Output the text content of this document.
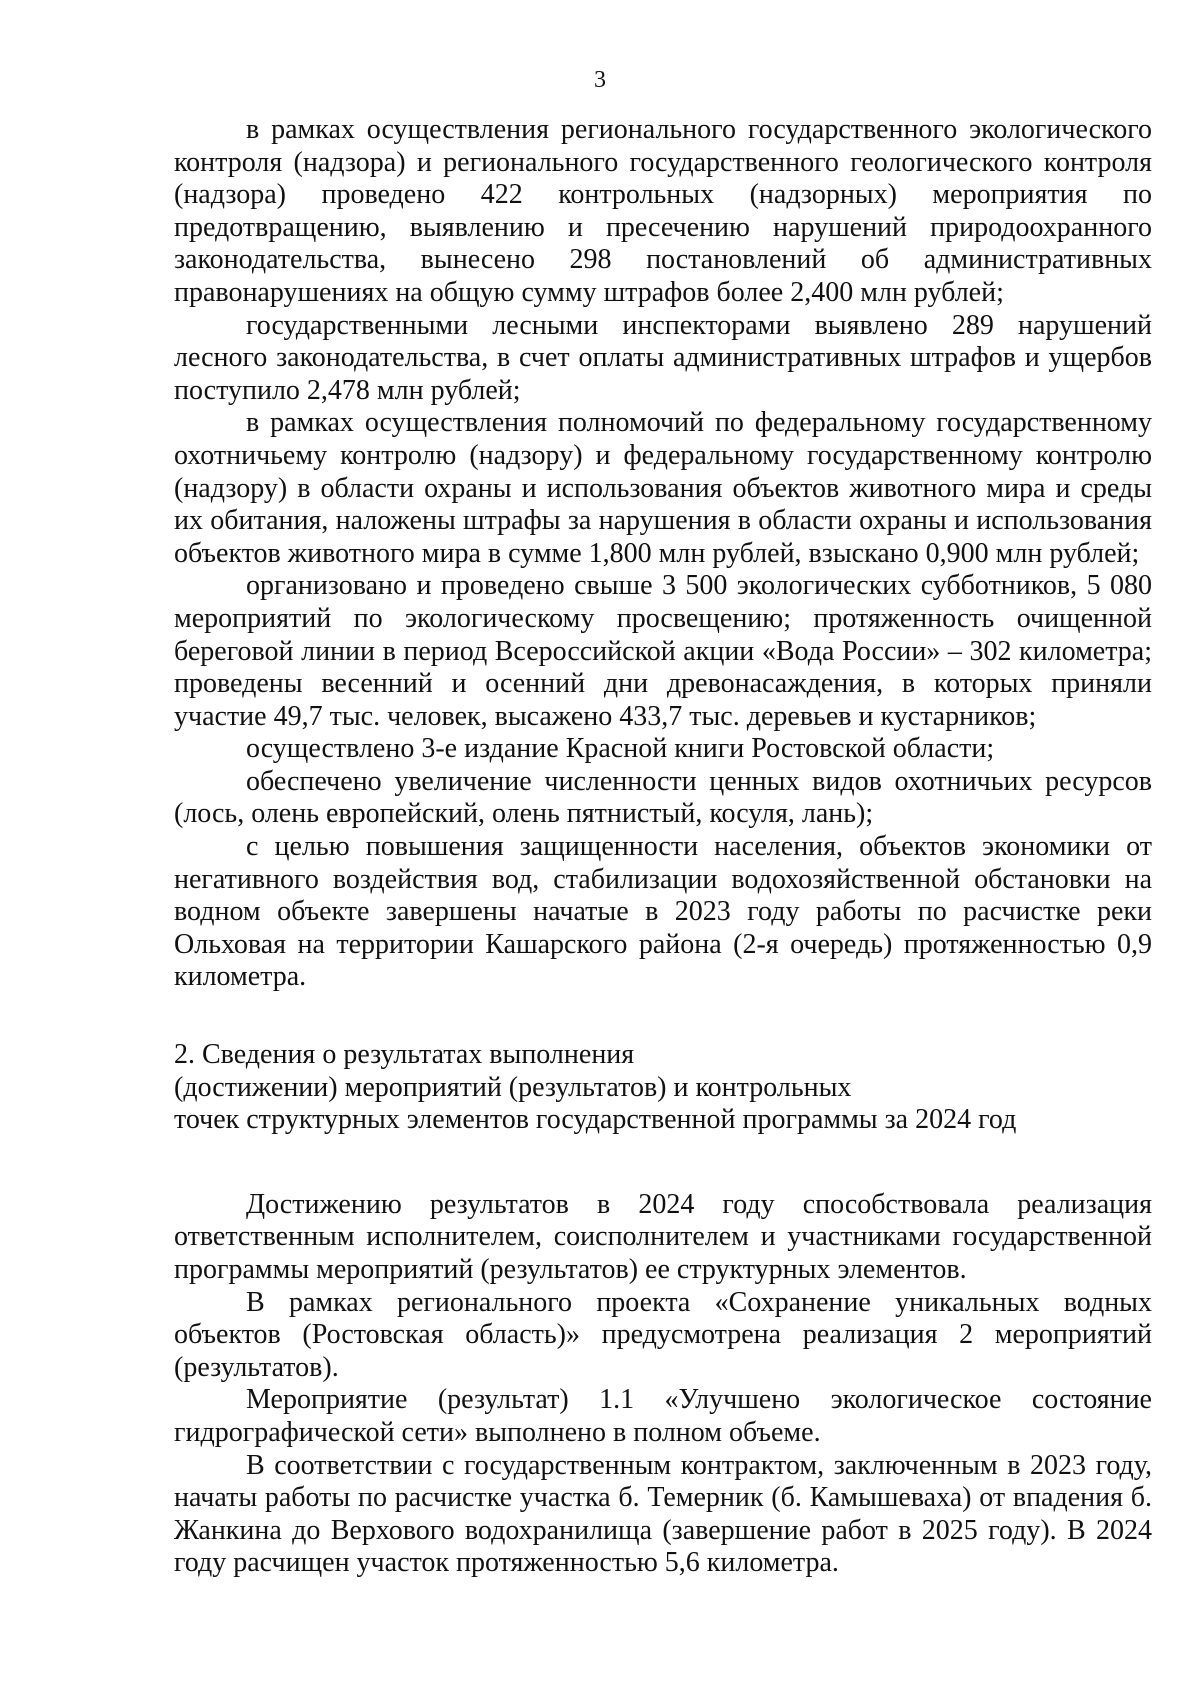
3

в рамках осуществления регионального государственного экологического контроля (надзора) и регионального государственного геологического контроля (надзора) проведено 422 контрольных (надзорных) мероприятия по предотвращению, выявлению и пресечению нарушений природоохранного законодательства, вынесено 298 постановлений об административных правонарушениях на общую сумму штрафов более 2,400 млн рублей;

государственными лесными инспекторами выявлено 289 нарушений лесного законодательства, в счет оплаты административных штрафов и ущербов поступило 2,478 млн рублей;

в рамках осуществления полномочий по федеральному государственному охотничьему контролю (надзору) и федеральному государственному контролю (надзору) в области охраны и использования объектов животного мира и среды их обитания, наложены штрафы за нарушения в области охраны и использования объектов животного мира в сумме 1,800 млн рублей, взыскано 0,900 млн рублей;

организовано и проведено свыше 3 500 экологических субботников, 5 080 мероприятий по экологическому просвещению; протяженность очищенной береговой линии в период Всероссийской акции «Вода России» – 302 километра; проведены весенний и осенний дни древонасаждения, в которых приняли участие 49,7 тыс. человек, высажено 433,7 тыс. деревьев и кустарников;

осуществлено 3-е издание Красной книги Ростовской области;

обеспечено увеличение численности ценных видов охотничьих ресурсов (лось, олень европейский, олень пятнистый, косуля, лань);

с целью повышения защищенности населения, объектов экономики от негативного воздействия вод, стабилизации водохозяйственной обстановки на водном объекте завершены начатые в 2023 году работы по расчистке реки Ольховая на территории Кашарского района (2-я очередь) протяженностью 0,9 километра.

2. Сведения о результатах выполнения
(достижении) мероприятий (результатов) и контрольных
точек структурных элементов государственной программы за 2024 год

Достижению результатов в 2024 году способствовала реализация ответственным исполнителем, соисполнителем и участниками государственной программы мероприятий (результатов) ее структурных элементов.

В рамках регионального проекта «Сохранение уникальных водных объектов (Ростовская область)» предусмотрена реализация 2 мероприятий (результатов).

Мероприятие (результат) 1.1 «Улучшено экологическое состояние гидрографической сети» выполнено в полном объеме.

В соответствии с государственным контрактом, заключенным в 2023 году, начаты работы по расчистке участка б. Темерник (б. Камышеваха) от впадения б. Жанкина до Верхового водохранилища (завершение работ в 2025 году). В 2024 году расчищен участок протяженностью 5,6 километра.
